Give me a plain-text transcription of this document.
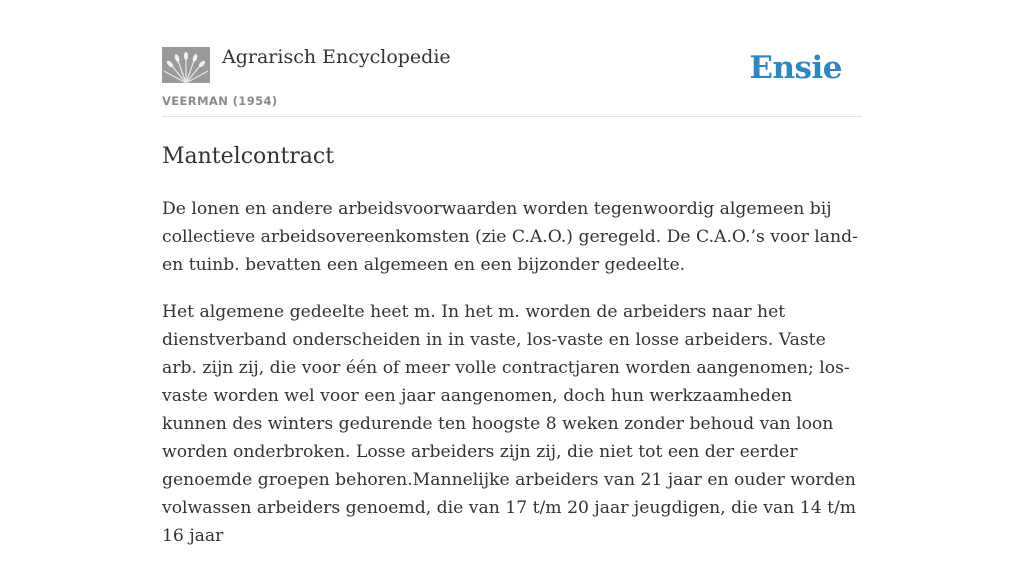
Agrarisch Encyclopedie	Ensie
VEERMAN (1954)
Mantelcontract

De lonen en andere arbeidsvoorwaarden worden tegenwoordig algemeen bij collectieve arbeidsovereenkomsten (zie C.A.O.) geregeld. De C.A.O.’s voor land- en tuinb. bevatten een algemeen en een bijzonder gedeelte.

Het algemene gedeelte heet m. In het m. worden de arbeiders naar het dienstverband onderscheiden in in vaste, los-vaste en losse arbeiders. Vaste arb. zijn zij, die voor één of meer volle contractjaren worden aangenomen; los-vaste worden wel voor een jaar aangenomen, doch hun werkzaamheden kunnen des winters gedurende ten hoogste 8 weken zonder behoud van loon worden onderbroken. Losse arbeiders zijn zij, die niet tot een der eerder genoemde groepen behoren.Mannelijke arbeiders van 21 jaar en ouder worden volwassen arbeiders genoemd, die van 17 t/m 20 jaar jeugdigen, die van 14 t/m 16 jaar
